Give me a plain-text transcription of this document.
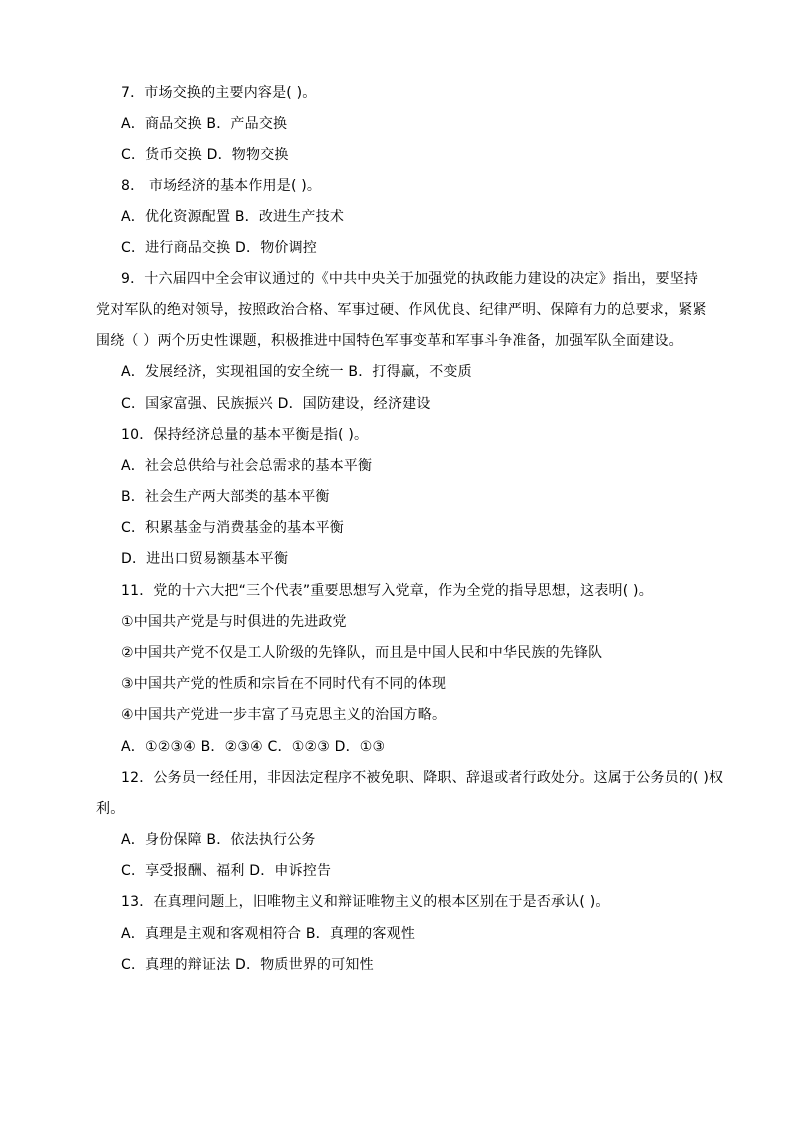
7．市场交换的主要内容是( )。
A．商品交换 B．产品交换
C．货币交换 D．物物交换
8． 市场经济的基本作用是( )。
A．优化资源配置 B．改进生产技术
C．进行商品交换 D．物价调控
9．十六届四中全会审议通过的《中共中央关于加强党的执政能力建设的决定》指出，要坚持
党对军队的绝对领导，按照政治合格、军事过硬、作风优良、纪律严明、保障有力的总要求，紧紧
围绕（ ）两个历史性课题，积极推进中国特色军事变革和军事斗争准备，加强军队全面建设。
A．发展经济，实现祖国的安全统一 B．打得赢，不变质
C．国家富强、民族振兴 D．国防建设，经济建设
10．保持经济总量的基本平衡是指( )。
A．社会总供给与社会总需求的基本平衡
B．社会生产两大部类的基本平衡
C．积累基金与消费基金的基本平衡
D．进出口贸易额基本平衡
11．党的十六大把“三个代表”重要思想写入党章，作为全党的指导思想，这表明( )。
①中国共产党是与时俱进的先进政党
②中国共产党不仅是工人阶级的先锋队，而且是中国人民和中华民族的先锋队
③中国共产党的性质和宗旨在不同时代有不同的体现
④中国共产党进一步丰富了马克思主义的治国方略。
A．①②③④ B．②③④ C．①②③ D．①③
12．公务员一经任用，非因法定程序不被免职、降职、辞退或者行政处分。这属于公务员的( )权
利。
A．身份保障 B．依法执行公务
C．享受报酬、福利 D．申诉控告
13．在真理问题上，旧唯物主义和辩证唯物主义的根本区别在于是否承认( )。
A．真理是主观和客观相符合 B．真理的客观性
C．真理的辩证法 D．物质世界的可知性
